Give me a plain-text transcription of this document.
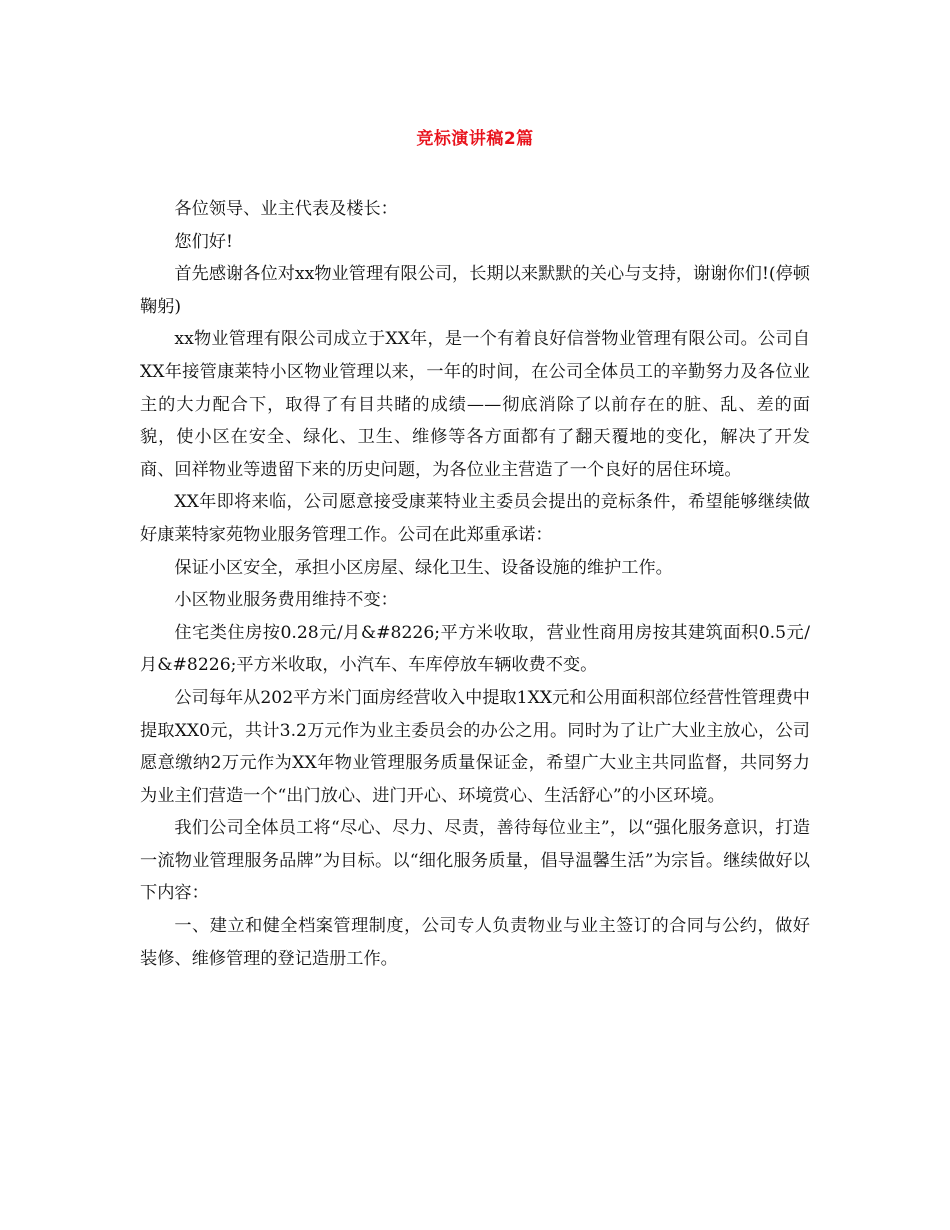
竞标演讲稿2篇

各位领导、业主代表及楼长：

您们好!

首先感谢各位对xx物业管理有限公司，长期以来默默的关心与支持，谢谢你们!(停顿鞠躬)

xx物业管理有限公司成立于XX年，是一个有着良好信誉物业管理有限公司。公司自XX年接管康莱特小区物业管理以来，一年的时间，在公司全体员工的辛勤努力及各位业主的大力配合下，取得了有目共睹的成绩——彻底消除了以前存在的脏、乱、差的面貌，使小区在安全、绿化、卫生、维修等各方面都有了翻天覆地的变化，解决了开发商、回祥物业等遗留下来的历史问题，为各位业主营造了一个良好的居住环境。

XX年即将来临，公司愿意接受康莱特业主委员会提出的竞标条件，希望能够继续做好康莱特家苑物业服务管理工作。公司在此郑重承诺：

保证小区安全，承担小区房屋、绿化卫生、设备设施的维护工作。

小区物业服务费用维持不变：

住宅类住房按0.28元/月&#8226;平方米收取，营业性商用房按其建筑面积0.5元/月&#8226;平方米收取，小汽车、车库停放车辆收费不变。

公司每年从202平方米门面房经营收入中提取1XX元和公用面积部位经营性管理费中提取XX0元，共计3.2万元作为业主委员会的办公之用。同时为了让广大业主放心，公司愿意缴纳2万元作为XX年物业管理服务质量保证金，希望广大业主共同监督，共同努力为业主们营造一个“出门放心、进门开心、环境赏心、生活舒心”的小区环境。

我们公司全体员工将“尽心、尽力、尽责，善待每位业主”，以“强化服务意识，打造一流物业管理服务品牌”为目标。以“细化服务质量，倡导温馨生活”为宗旨。继续做好以下内容：

一、建立和健全档案管理制度，公司专人负责物业与业主签订的合同与公约，做好装修、维修管理的登记造册工作。
